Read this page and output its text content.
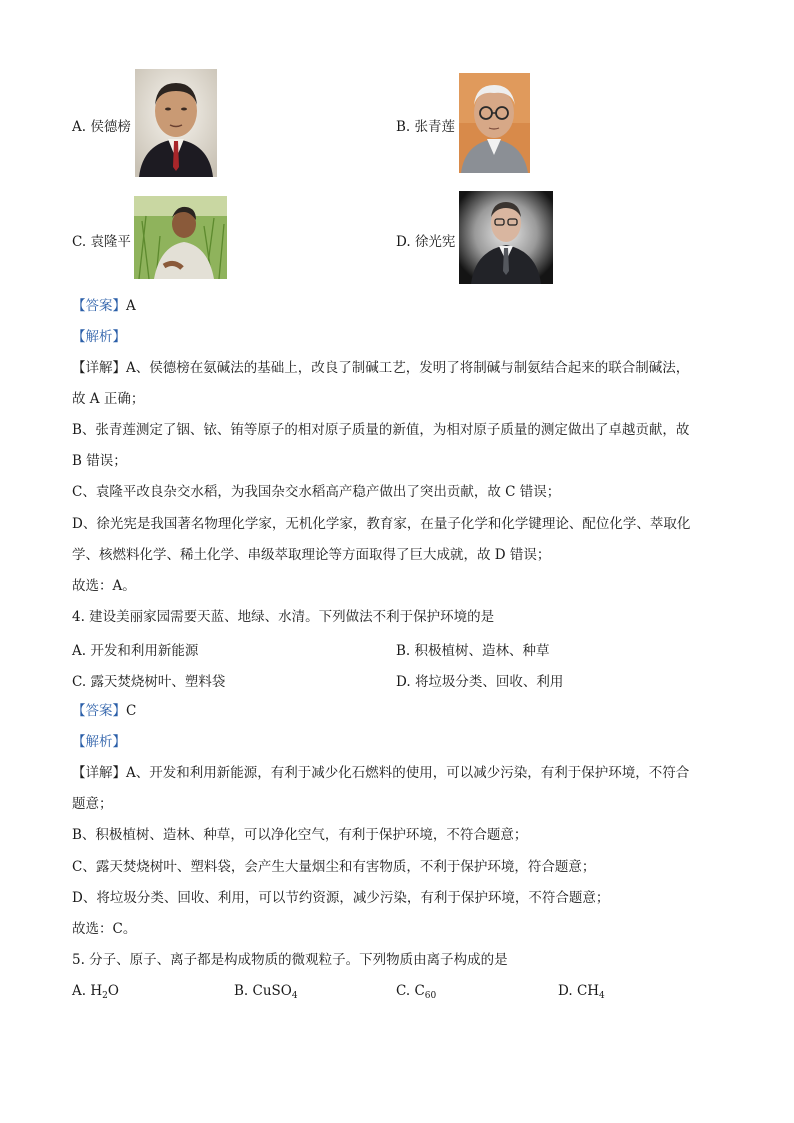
A. 侯德榜	B. 张青莲
C. 袁隆平	D. 徐光宪
【答案】A
【解析】
【详解】A、侯德榜在氨碱法的基础上，改良了制碱工艺，发明了将制碱与制氨结合起来的联合制碱法，
故 A 正确；
B、张青莲测定了铟、铱、铕等原子的相对原子质量的新值，为相对原子质量的测定做出了卓越贡献，故
B 错误；
C、袁隆平改良杂交水稻，为我国杂交水稻高产稳产做出了突出贡献，故 C 错误；
D、徐光宪是我国著名物理化学家，无机化学家，教育家，在量子化学和化学键理论、配位化学、萃取化
学、核燃料化学、稀土化学、串级萃取理论等方面取得了巨大成就，故 D 错误；
故选：A。
4. 建设美丽家园需要天蓝、地绿、水清。下列做法不利于保护环境的是
A. 开发和利用新能源	B. 积极植树、造林、种草
C. 露天焚烧树叶、塑料袋	D. 将垃圾分类、回收、利用
【答案】C
【解析】
【详解】A、开发和利用新能源，有利于减少化石燃料的使用，可以减少污染，有利于保护环境，不符合
题意；
B、积极植树、造林、种草，可以净化空气，有利于保护环境，不符合题意；
C、露天焚烧树叶、塑料袋，会产生大量烟尘和有害物质，不利于保护环境，符合题意；
D、将垃圾分类、回收、利用，可以节约资源，减少污染，有利于保护环境，不符合题意；
故选：C。
5. 分子、原子、离子都是构成物质的微观粒子。下列物质由离子构成的是
A. $H_2O$	B. CuSO$_4$	C. $C_{60}$	D. $CH_4$
